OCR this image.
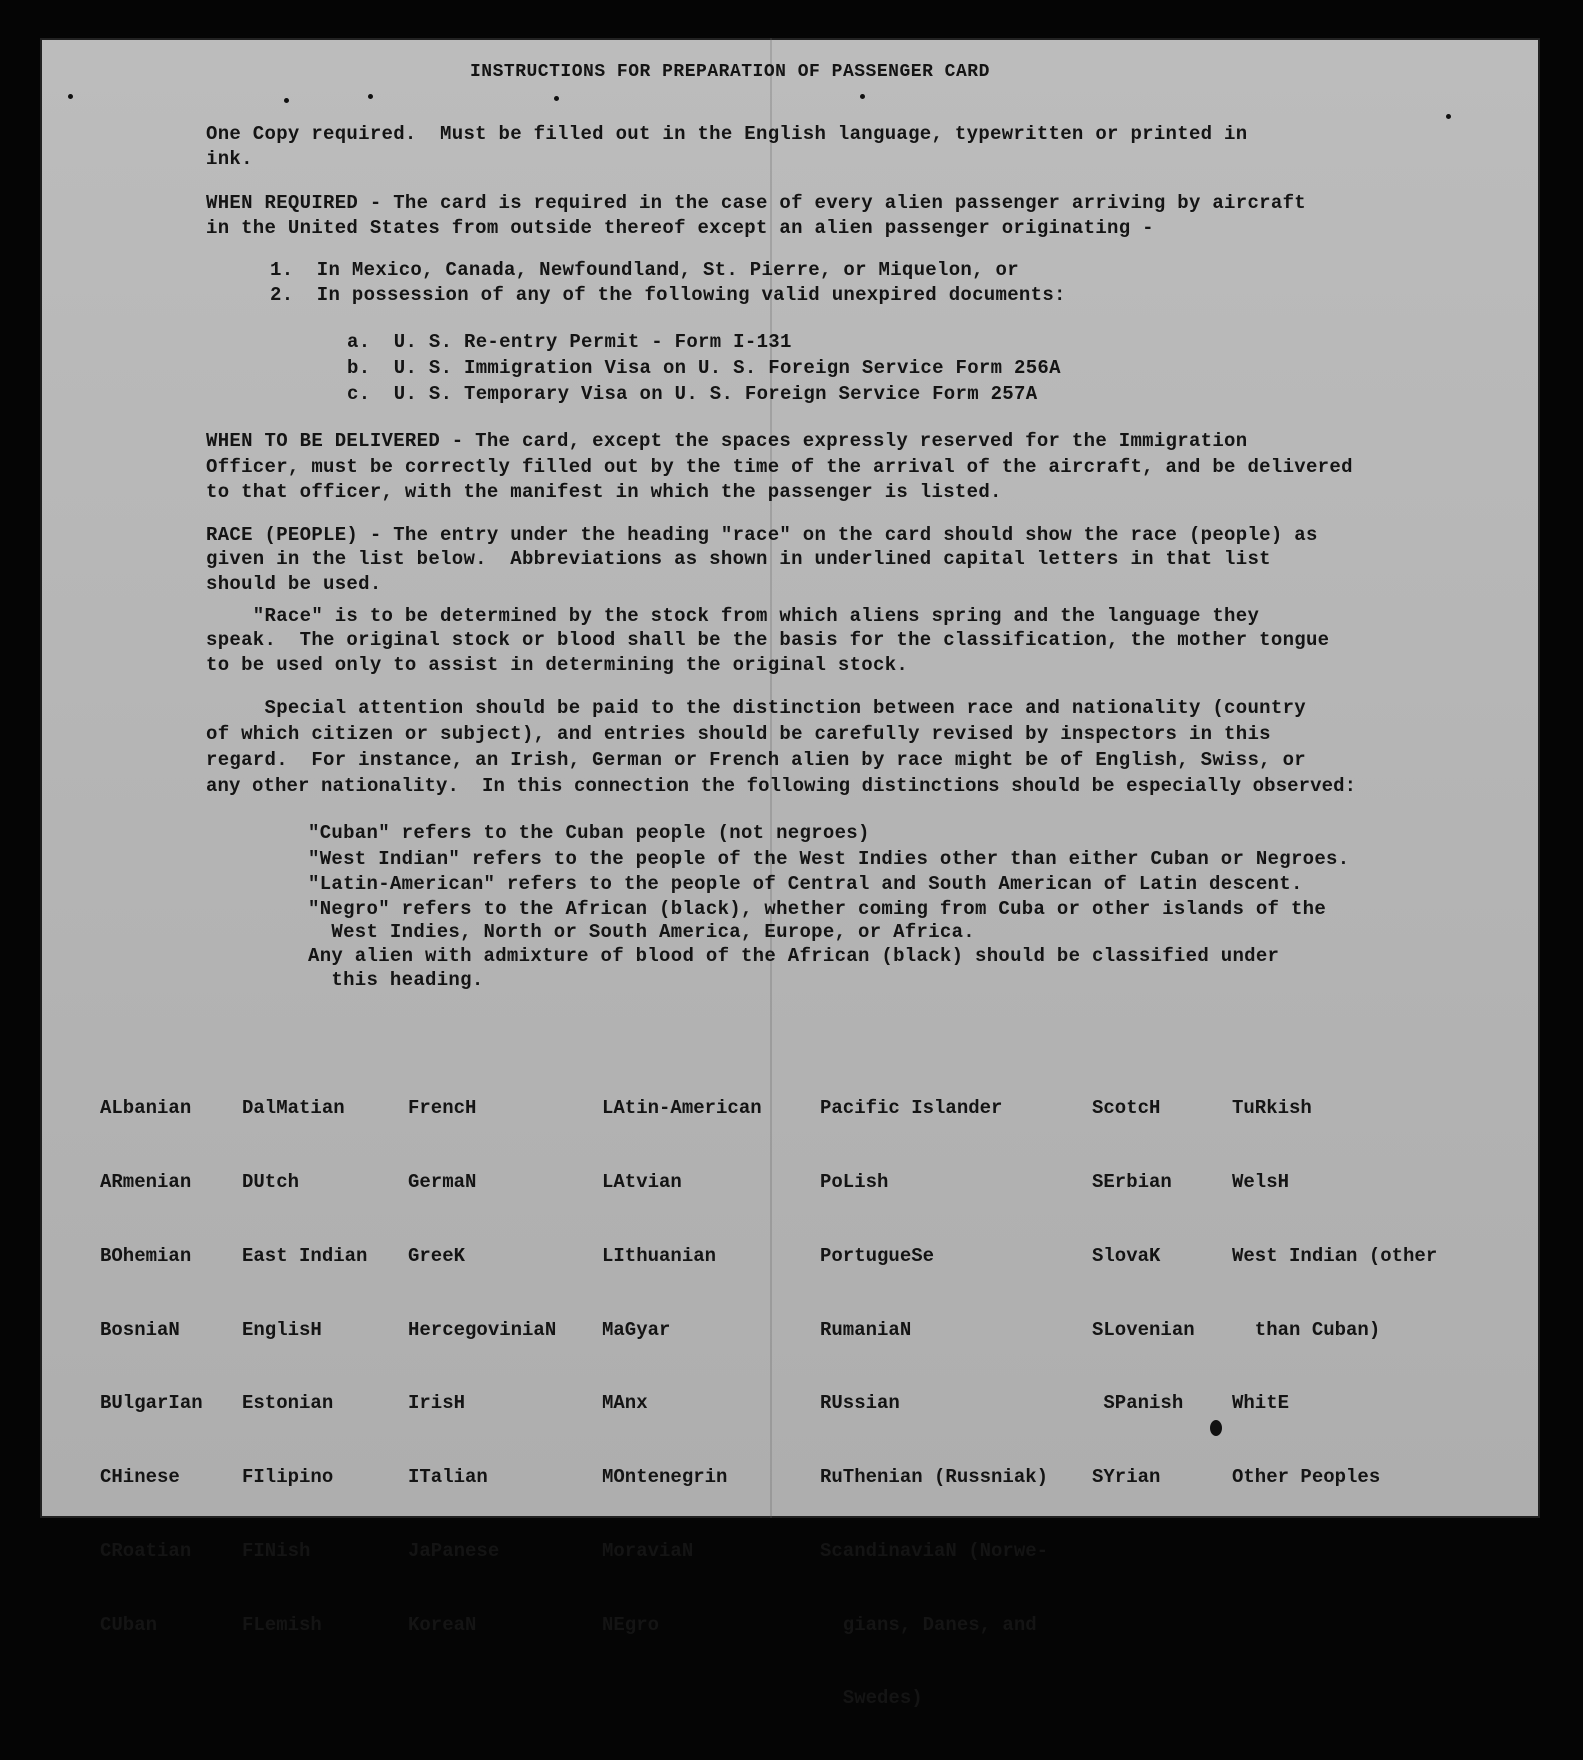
INSTRUCTIONS FOR PREPARATION OF PASSENGER CARD
One Copy required.  Must be filled out in the English language, typewritten or printed in
ink.
WHEN REQUIRED - The card is required in the case of every alien passenger arriving by aircraft
in the United States from outside thereof except an alien passenger originating -
1.  In Mexico, Canada, Newfoundland, St. Pierre, or Miquelon, or
2.  In possession of any of the following valid unexpired documents:
a.  U. S. Re-entry Permit - Form I-131
b.  U. S. Immigration Visa on U. S. Foreign Service Form 256A
c.  U. S. Temporary Visa on U. S. Foreign Service Form 257A
WHEN TO BE DELIVERED - The card, except the spaces expressly reserved for the Immigration
Officer, must be correctly filled out by the time of the arrival of the aircraft, and be delivered
to that officer, with the manifest in which the passenger is listed.
RACE (PEOPLE) - The entry under the heading "race" on the card should show the race (people) as
given in the list below.  Abbreviations as shown in underlined capital letters in that list
should be used.
"Race" is to be determined by the stock from which aliens spring and the language they
speak.  The original stock or blood shall be the basis for the classification, the mother tongue
to be used only to assist in determining the original stock.
Special attention should be paid to the distinction between race and nationality (country
of which citizen or subject), and entries should be carefully revised by inspectors in this
regard.  For instance, an Irish, German or French alien by race might be of English, Swiss, or
any other nationality.  In this connection the following distinctions should be especially observed:
"Cuban" refers to the Cuban people (not negroes)
"West Indian" refers to the people of the West Indies other than either Cuban or Negroes.
"Latin-American" refers to the people of Central and South American of Latin descent.
"Negro" refers to the African (black), whether coming from Cuba or other islands of the
West Indies, North or South America, Europe, or Africa.
Any alien with admixture of blood of the African (black) should be classified under
this heading.

ALbanian

ARmenian

BOhemian

BosniaN

BUlgarIan

CHinese

CRoatian

CUban

DalMatian

DUtch

East Indian

EnglisH

Estonian

FIlipino

FINish

FLemish

FrencH

GermaN

GreeK

HercegoviniaN

IrisH

ITalian

JaPanese

KoreaN

LAtin-American

LAtvian

LIthuanian

MaGyar

MAnx

MOntenegrin

MoraviaN

NEgro

Pacific Islander

PoLish

PortugueSe

RumaniaN

RUssian

RuThenian (Russniak)

ScandinaviaN (Norwe-

gians, Danes, and

Swedes)

ScotcH

SErbian

SlovaK

SLovenian

SPanish

SYrian

TuRkish

WelsH

West Indian (other

than Cuban)

WhitE

Other Peoples
